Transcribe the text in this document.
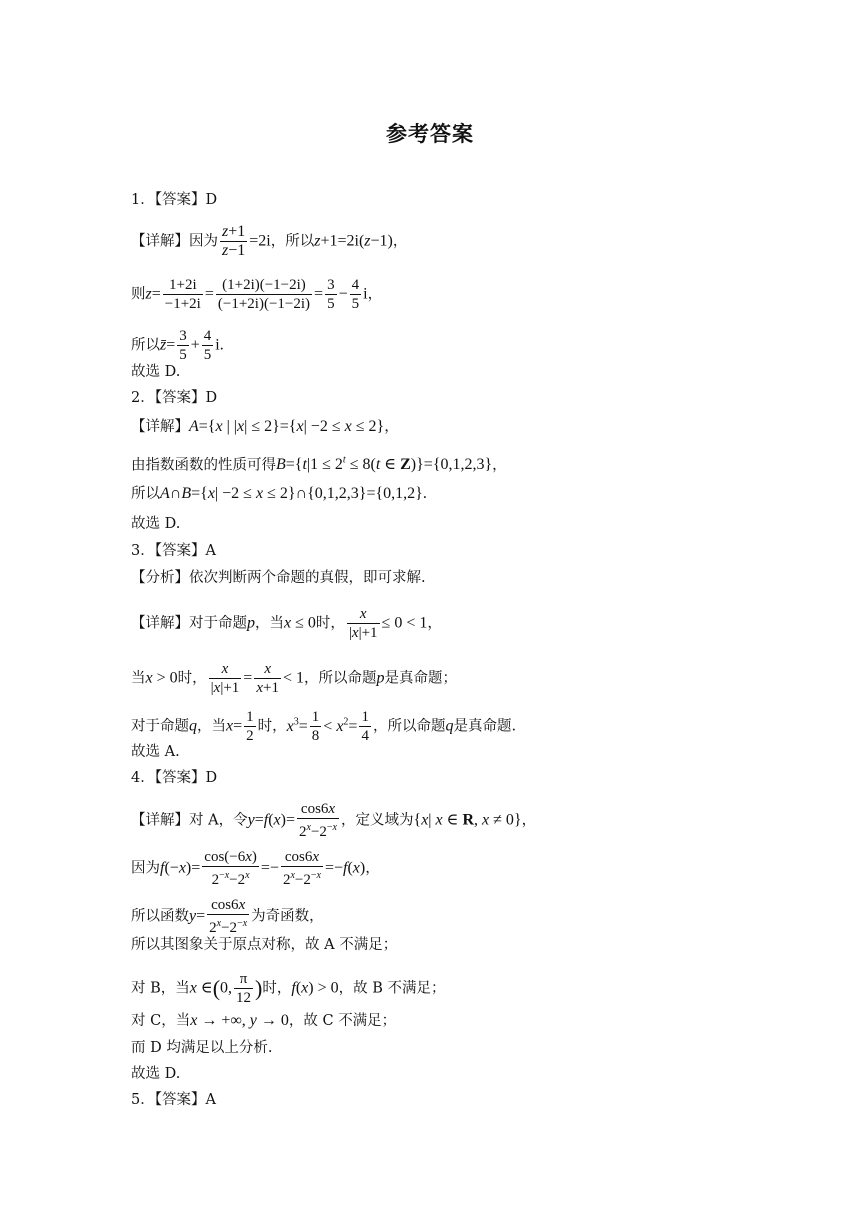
参考答案
1．【答案】D
【详解】因为 $\frac{z+1}{z-1} =2i$，所以z+1=2i(z−1)，
则$z= \frac{1+2i}{-1+2i} = \frac{(1+2i)(-1-2i)}{(-1+2i)(-1-2i)} = \frac{3}{5} - \frac{4}{5}$ i，
所以z̄= $\frac{3}{5} + \frac{4}{5} i$.
故选 D.
2．【答案】D
【详解】A={x | |x| ≤ 2}={x| −2 ≤ x ≤ 2}，
由指数函数的性质可得$B=\{t|1 \le 2^t \le 8(t$ ∈ Z)}={0,1,2,3}，
所以A∩B={x| −2 ≤ x ≤ 2}∩{0,1,2,3}={0,1,2}.
故选 D.
3．【答案】A
【分析】依次判断两个命题的真假，即可求解.
【详解】对于命题p，当x ≤ 0时， $\frac{x}{|x|+1} \le 0 < 1$，
当x > 0时， $\frac{x}{|x|+1} = \frac{x}{x+1} < 1$，所以命题p是真命题；
对于命题q，当$x= \frac{1}{2}$ 时，$x^3= \frac{1}{8} < x^2= \frac{1}{4}$ ，所以命题q是真命题.
故选 A.
4．【答案】D
【详解】对 A，令$y=f(x)= \frac{\cos 6x}{2^x-2^{-x}}$ ，定义域为{x| x ∈ R, x ≠ 0}，
因为$f(-x)= \frac{\cos(-6x)}{2^{-x}-2^x} =- \frac{\cos 6x}{2^x-2^{-x}} =-f(x)$，
所以函数$y= \frac{\cos 6x}{2^x-2^{-x}}$ 为奇函数，
所以其图象关于原点对称，故 A 不满足；
对 B，当x ∈(0, $\frac{\pi}{12}$ )时，f(x) > 0，故 B 不满足；
对 C，当x → +∞, y → 0，故 C 不满足；
而 D 均满足以上分析.
故选 D.
5．【答案】A
